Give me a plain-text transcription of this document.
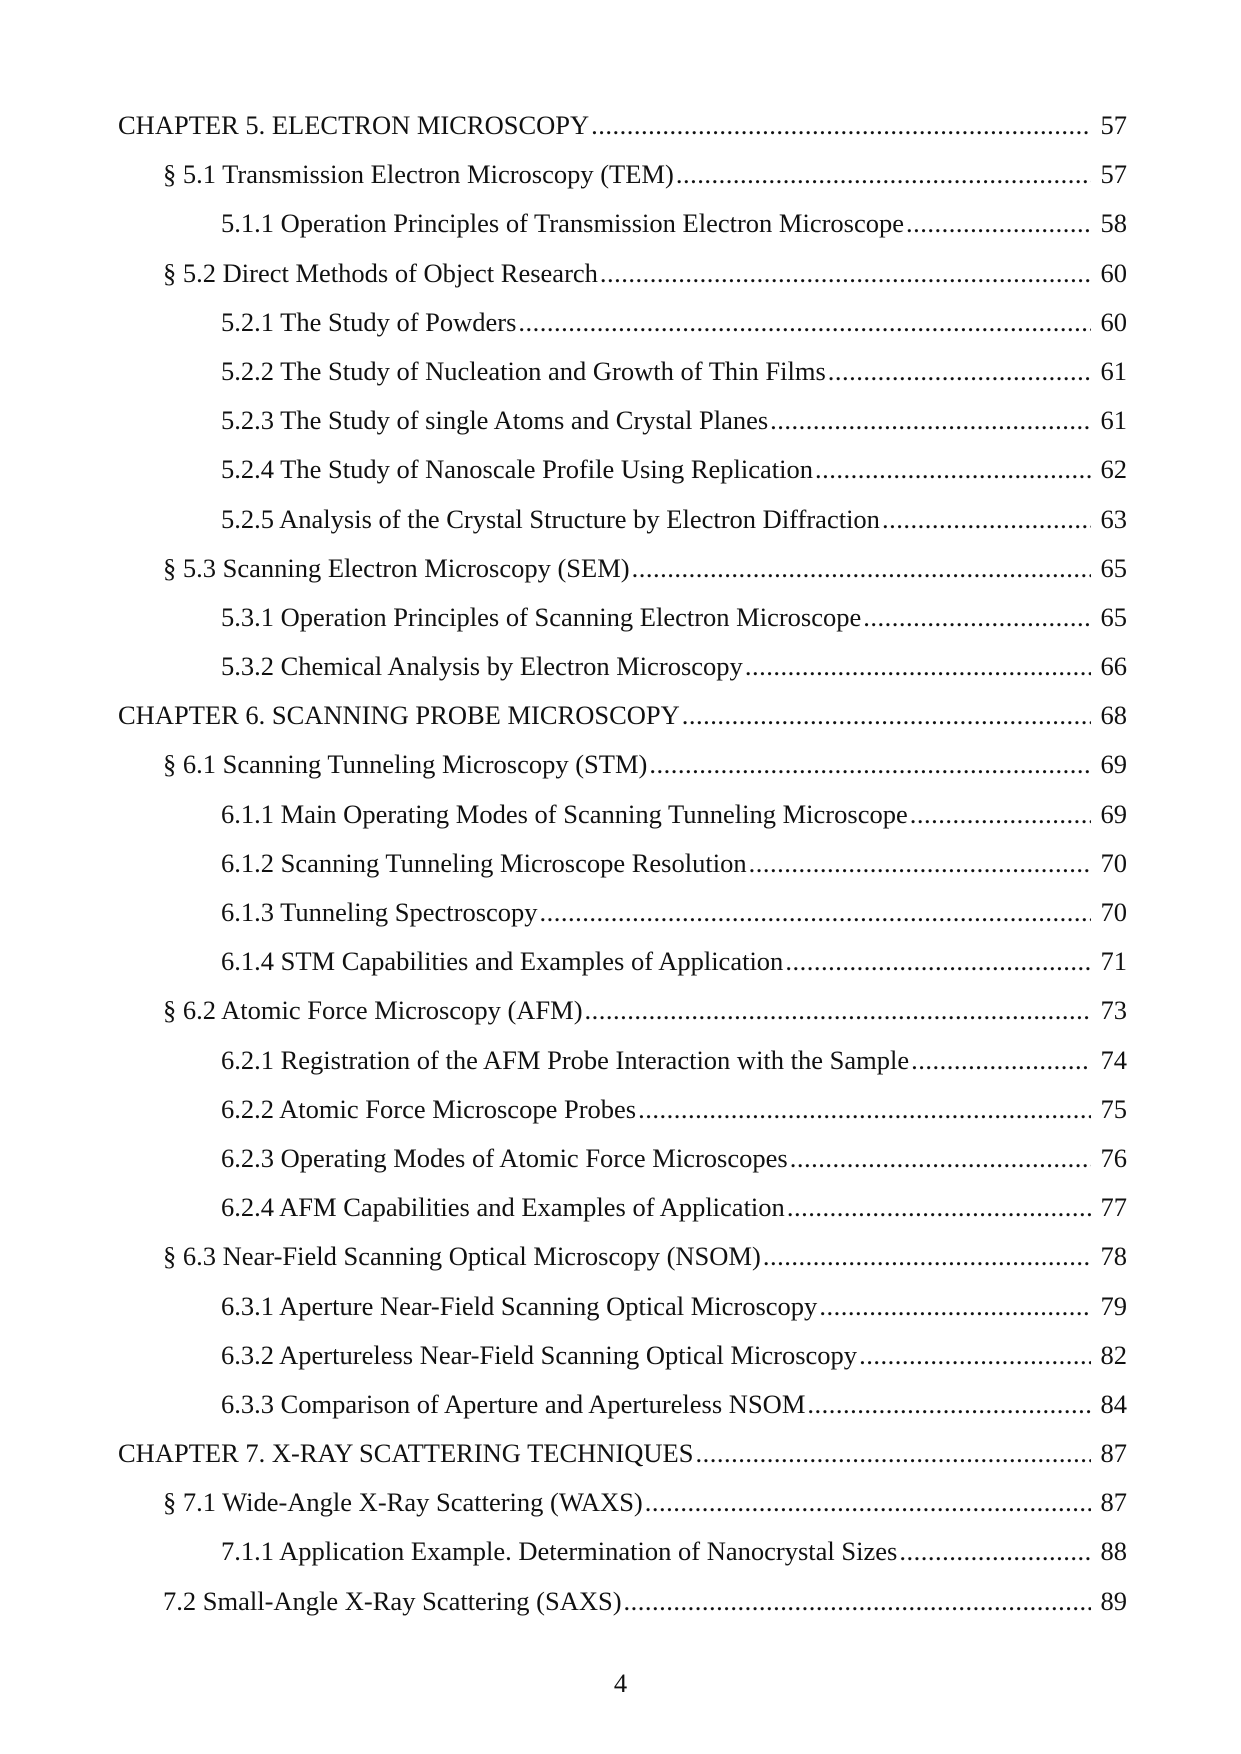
CHAPTER 5. ELECTRON MICROSCOPY .....	57
§ 5.1 Transmission Electron Microscopy (TEM) .....	57
5.1.1 Operation Principles of Transmission Electron Microscope .....	58
§ 5.2 Direct Methods of Object Research .....	60
5.2.1 The Study of Powders .....	60
5.2.2 The Study of Nucleation and Growth of Thin Films .....	61
5.2.3 The Study of single Atoms and Crystal Planes .....	61
5.2.4 The Study of Nanoscale Profile Using Replication .....	62
5.2.5 Analysis of the Crystal Structure by Electron Diffraction .....	63
§ 5.3 Scanning Electron Microscopy (SEM) .....	65
5.3.1 Operation Principles of Scanning Electron Microscope .....	65
5.3.2 Chemical Analysis by Electron Microscopy .....	66
CHAPTER 6. SCANNING PROBE MICROSCOPY .....	68
§ 6.1 Scanning Tunneling Microscopy (STM) .....	69
6.1.1 Main Operating Modes of Scanning Tunneling Microscope .....	69
6.1.2 Scanning Tunneling Microscope Resolution .....	70
6.1.3 Tunneling Spectroscopy .....	70
6.1.4 STM Capabilities and Examples of Application .....	71
§ 6.2 Atomic Force Microscopy (AFM) .....	73
6.2.1 Registration of the AFM Probe Interaction with the Sample .....	74
6.2.2 Atomic Force Microscope Probes .....	75
6.2.3 Operating Modes of Atomic Force Microscopes .....	76
6.2.4 AFM Capabilities and Examples of Application .....	77
§ 6.3 Near-Field Scanning Optical Microscopy (NSOM) .....	78
6.3.1 Aperture Near-Field Scanning Optical Microscopy .....	79
6.3.2 Apertureless Near-Field Scanning Optical Microscopy .....	82
6.3.3 Comparison of Aperture and Apertureless NSOM .....	84
CHAPTER 7. X-RAY SCATTERING TECHNIQUES .....	87
§ 7.1 Wide-Angle X-Ray Scattering (WAXS) .....	87
7.1.1 Application Example. Determination of Nanocrystal Sizes .....	88
7.2 Small-Angle X-Ray Scattering (SAXS) .....	89
4
